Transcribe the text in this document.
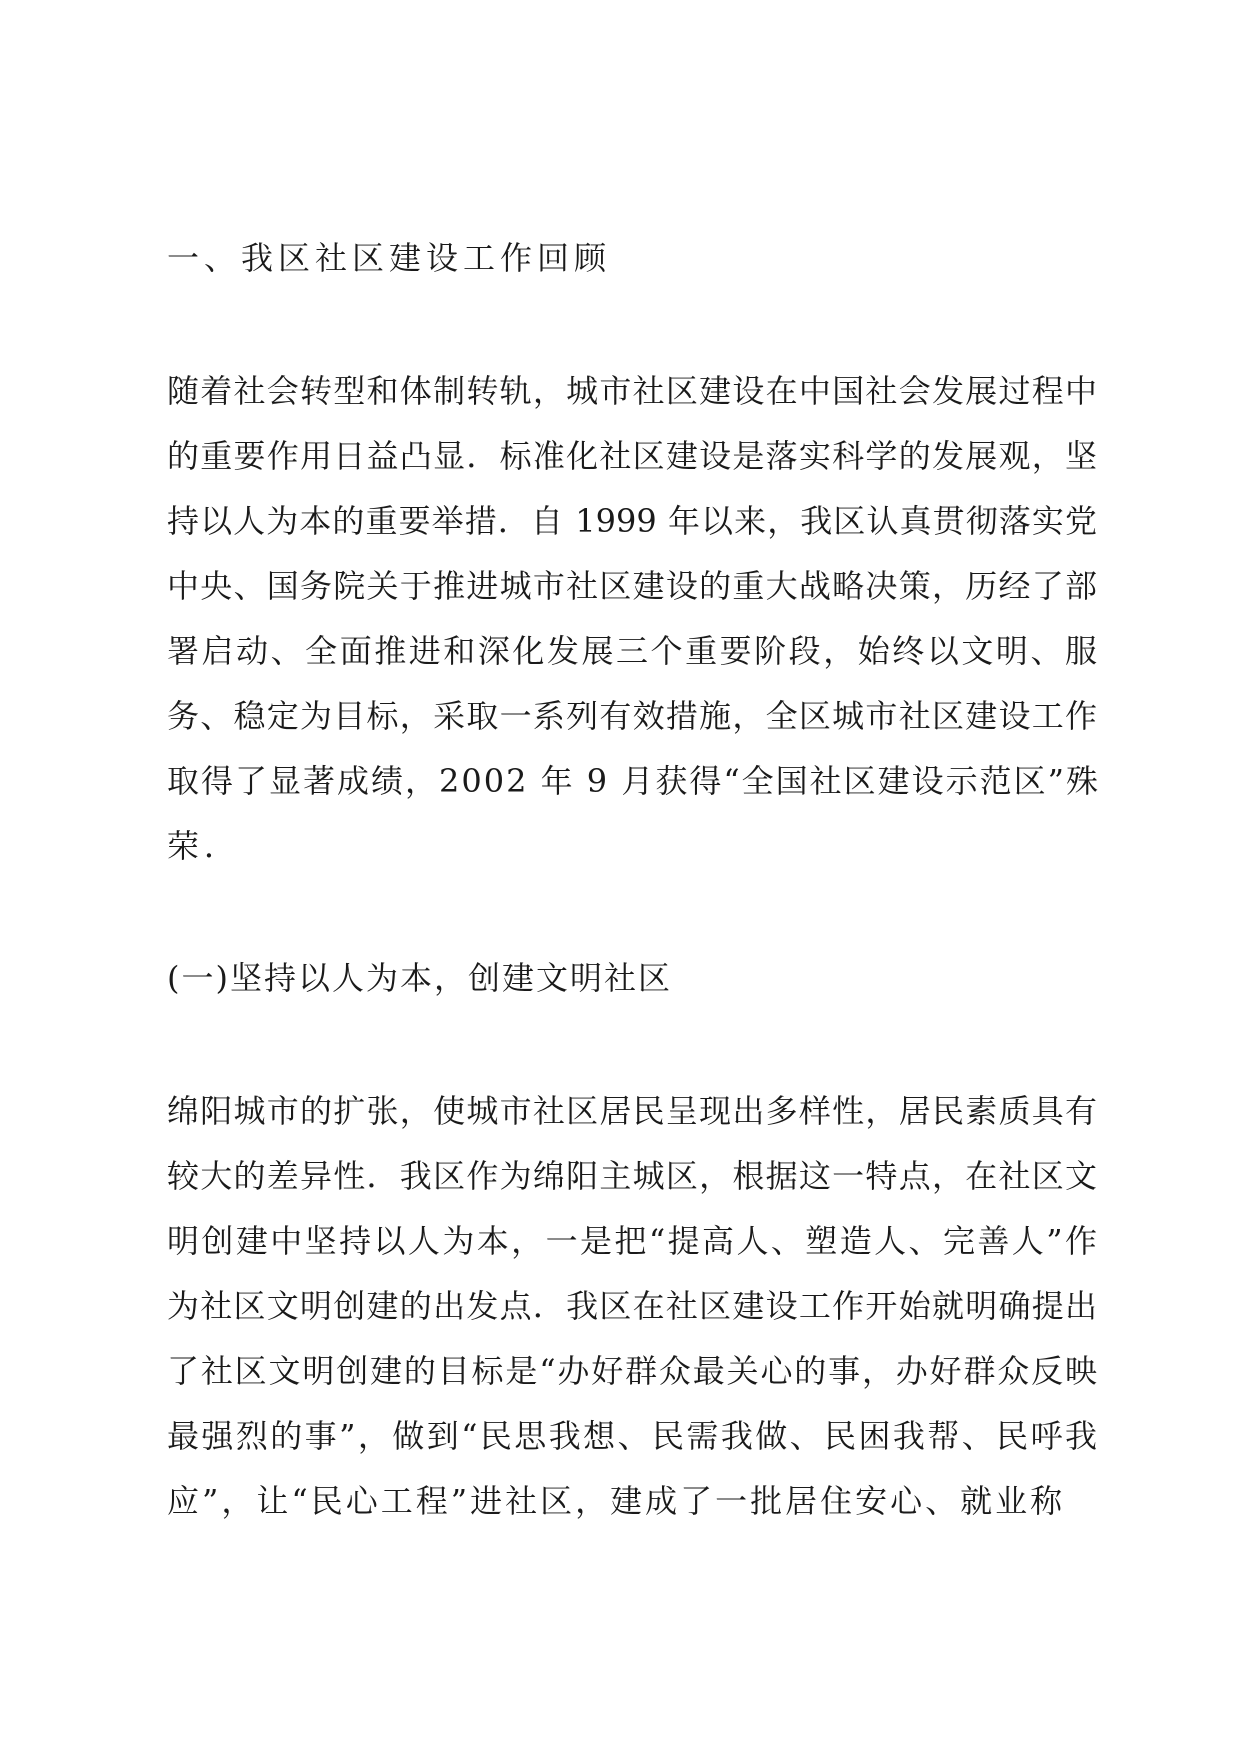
一、我区社区建设工作回顾
随着社会转型和体制转轨，城市社区建设在中国社会发展过程中
的重要作用日益凸显．标准化社区建设是落实科学的发展观，坚
持以人为本的重要举措．自 1999 年以来，我区认真贯彻落实党
中央、国务院关于推进城市社区建设的重大战略决策，历经了部
署启动、全面推进和深化发展三个重要阶段，始终以文明、服
务、稳定为目标，采取一系列有效措施，全区城市社区建设工作
取得了显著成绩，2002 年 9 月获得“全国社区建设示范区”殊
荣．
(一)坚持以人为本，创建文明社区
绵阳城市的扩张，使城市社区居民呈现出多样性，居民素质具有
较大的差异性．我区作为绵阳主城区，根据这一特点，在社区文
明创建中坚持以人为本，一是把“提高人、塑造人、完善人”作
为社区文明创建的出发点．我区在社区建设工作开始就明确提出
了社区文明创建的目标是“办好群众最关心的事，办好群众反映
最强烈的事”，做到“民思我想、民需我做、民困我帮、民呼我
应”，让“民心工程”进社区，建成了一批居住安心、就业称
